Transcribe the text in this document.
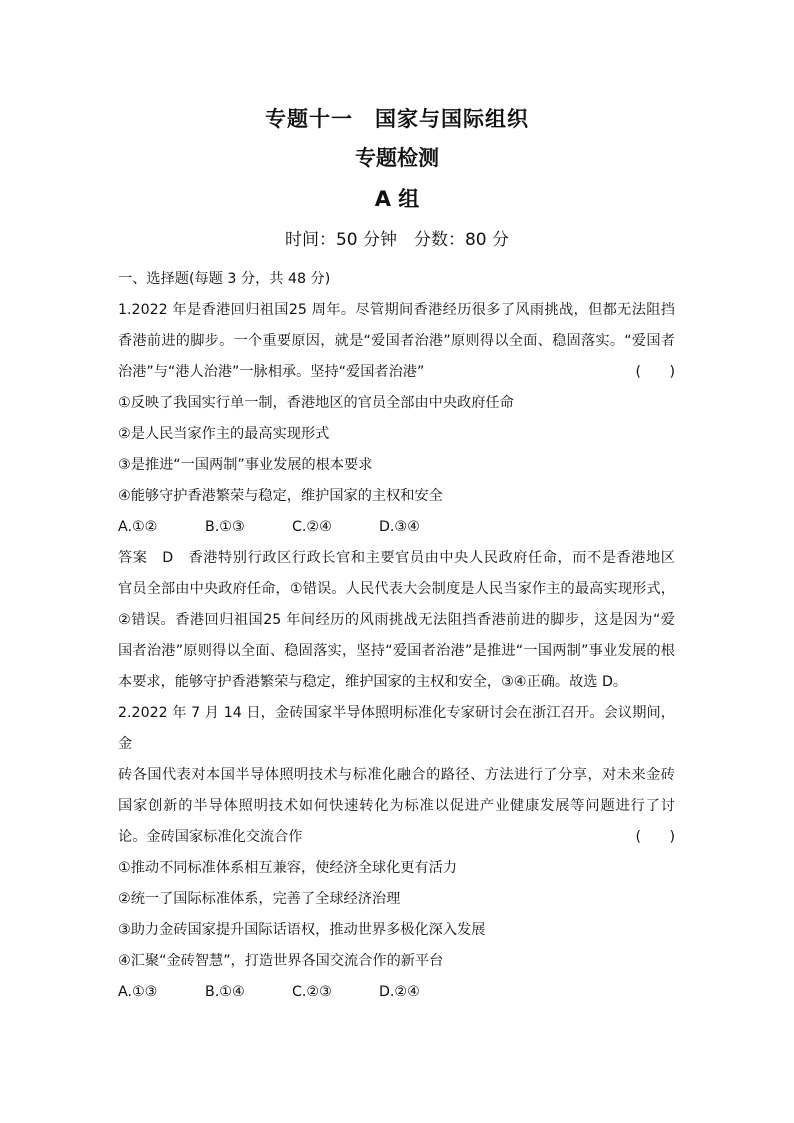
专题十一　国家与国际组织
专题检测
A 组
时间：50 分钟　分数：80 分
一、选择题(每题 3 分，共 48 分)
1.2022 年是香港回归祖国25 周年。尽管期间香港经历很多了风雨挑战，但都无法阻挡
香港前进的脚步。一个重要原因，就是“爱国者治港”原则得以全面、稳固落实。“爱国者
治港”与“港人治港”一脉相承。坚持“爱国者治港”	(　　)
①反映了我国实行单一制，香港地区的官员全部由中央政府任命
②是人民当家作主的最高实现形式
③是推进“一国两制”事业发展的根本要求
④能够守护香港繁荣与稳定，维护国家的主权和安全
A.①②	B.①③	C.②④	D.③④
答案　D　香港特别行政区行政长官和主要官员由中央人民政府任命，而不是香港地区
官员全部由中央政府任命，①错误。人民代表大会制度是人民当家作主的最高实现形式，
②错误。香港回归祖国25 年间经历的风雨挑战无法阻挡香港前进的脚步，这是因为“爱
国者治港”原则得以全面、稳固落实，坚持“爱国者治港”是推进“一国两制”事业发展的根
本要求，能够守护香港繁荣与稳定，维护国家的主权和安全，③④正确。故选 D。
2.2022 年 7 月 14 日，金砖国家半导体照明标准化专家研讨会在浙江召开。会议期间，金
砖各国代表对本国半导体照明技术与标准化融合的路径、方法进行了分享，对未来金砖
国家创新的半导体照明技术如何快速转化为标准以促进产业健康发展等问题进行了讨
论。金砖国家标准化交流合作	(　　)
①推动不同标准体系相互兼容，使经济全球化更有活力
②统一了国际标准体系，完善了全球经济治理
③助力金砖国家提升国际话语权，推动世界多极化深入发展
④汇聚“金砖智慧”，打造世界各国交流合作的新平台
A.①③	B.①④	C.②③	D.②④
